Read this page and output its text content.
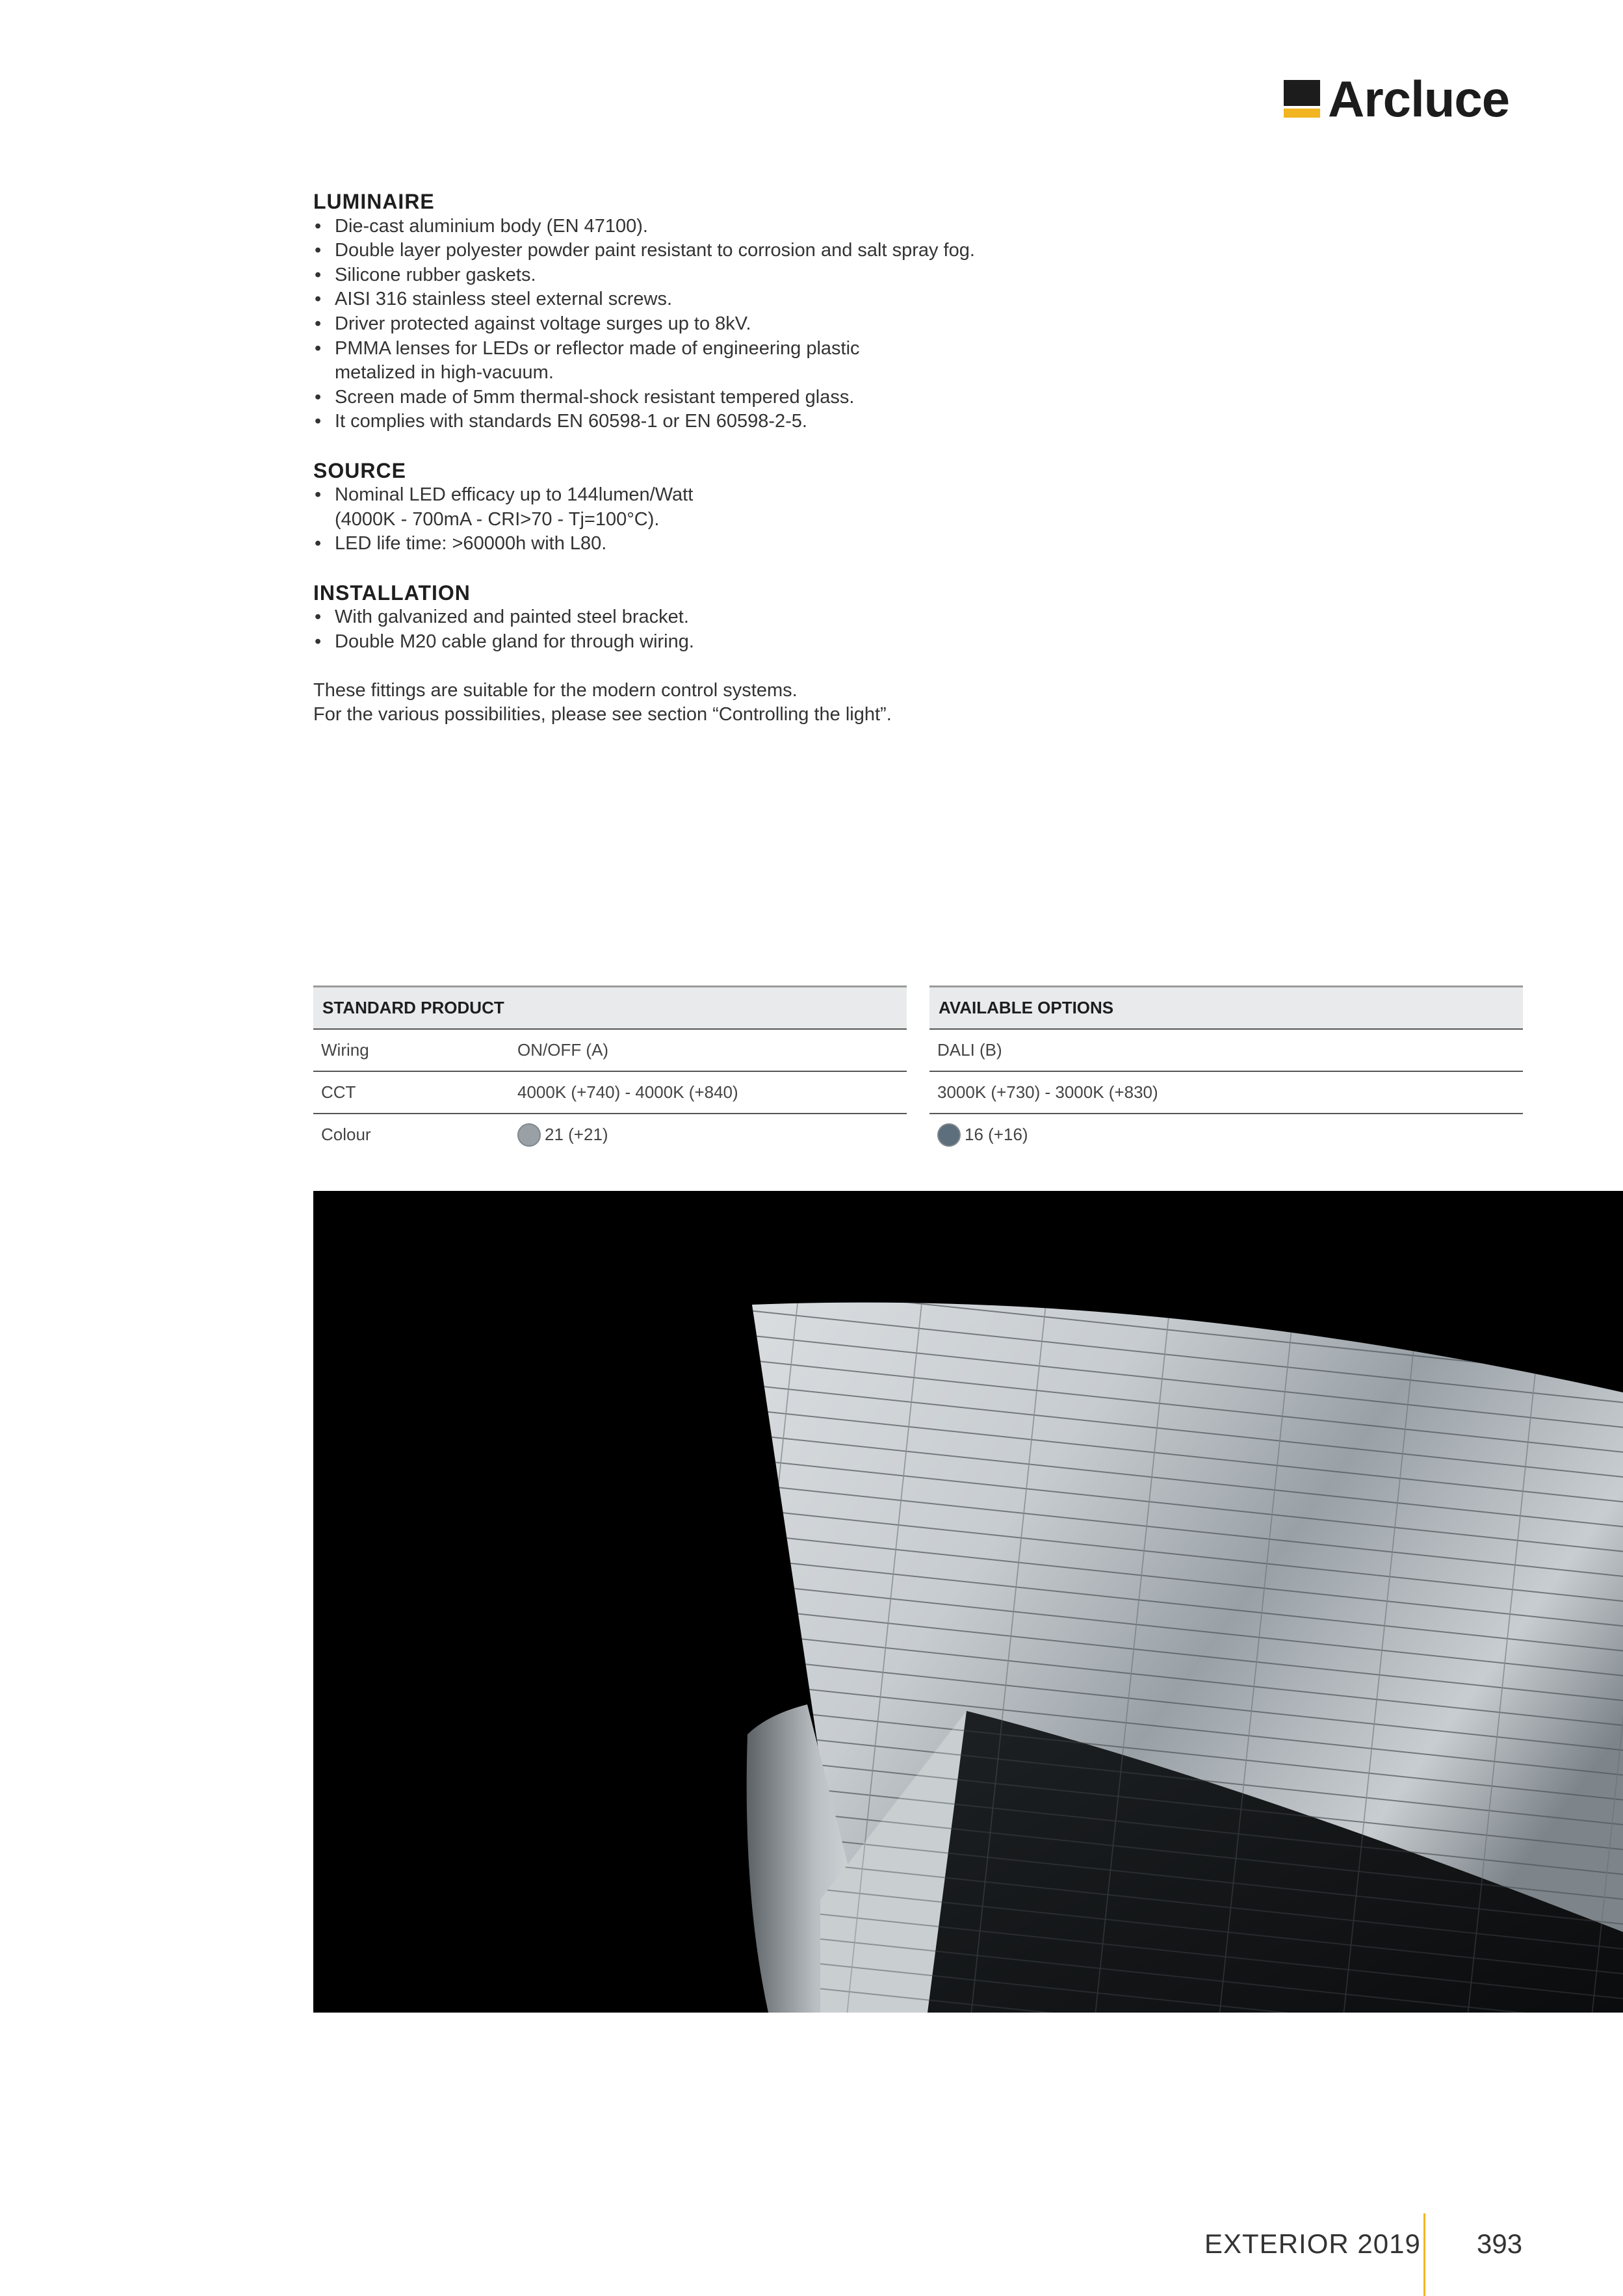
Arcluce

LUMINAIRE

• Die-cast aluminium body (EN 47100).
• Double layer polyester powder paint resistant to corrosion and salt spray fog.
• Silicone rubber gaskets.
• AISI 316 stainless steel external screws.
• Driver protected against voltage surges up to 8kV.
• PMMA lenses for LEDs or reflector made of engineering plastic metalized in high-vacuum.
• Screen made of 5mm thermal-shock resistant tempered glass.
• It complies with standards EN 60598-1 or EN 60598-2-5.

SOURCE

• Nominal LED efficacy up to 144lumen/Watt (4000K - 700mA - CRI>70 - Tj=100°C).
• LED life time: >60000h with L80.

INSTALLATION

• With galvanized and painted steel bracket.
• Double M20 cable gland for through wiring.

These fittings are suitable for the modern control systems.

For the various possibilities, please see section “Controlling the light”.

STANDARD PRODUCT
Wiring	ON/OFF (A)
CCT	4000K (+740) - 4000K (+840)
Colour	21 (+21)
AVAILABLE OPTIONS
DALI (B)
3000K (+730) - 3000K (+830)
16 (+16)
EXTERIOR 2019 393
